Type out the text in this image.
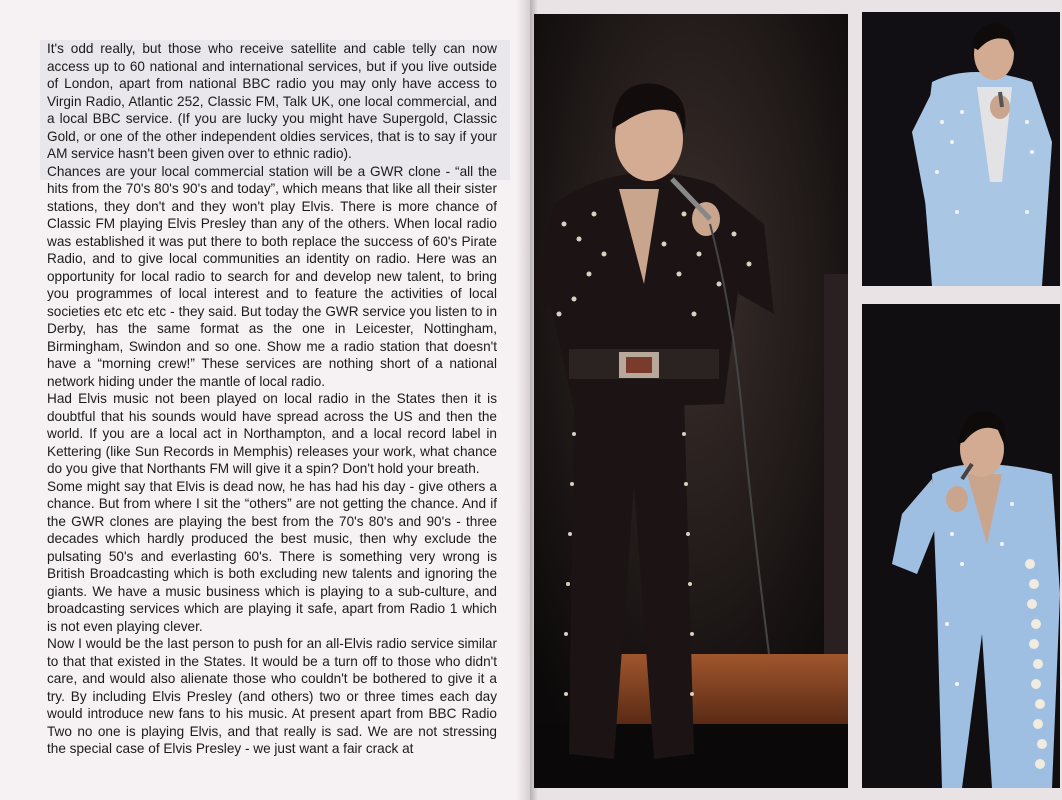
It's odd really, but those who receive satellite and cable telly can now access up to 60 national and international services, but if you live outside of London, apart from national BBC radio you may only have access to Virgin Radio, Atlantic 252, Classic FM, Talk UK, one local commercial, and a local BBC service. (If you are lucky you might have Supergold, Classic Gold, or one of the other independent oldies services, that is to say if your AM service hasn't been given over to ethnic radio).

Chances are your local commercial station will be a GWR clone - “all the hits from the 70's 80's 90's and today”, which means that like all their sister stations, they don't and they won't play Elvis. There is more chance of Classic FM playing Elvis Presley than any of the others. When local radio was established it was put there to both replace the success of 60's Pirate Radio, and to give local communities an identity on radio. Here was an opportunity for local radio to search for and develop new talent, to bring you programmes of local interest and to feature the activities of local societies etc etc etc - they said. But today the GWR service you listen to in Derby, has the same format as the one in Leicester, Nottingham, Birmingham, Swindon and so one. Show me a radio station that doesn't have a “morning crew!” These services are nothing short of a national network hiding under the mantle of local radio.

Had Elvis music not been played on local radio in the States then it is doubtful that his sounds would have spread across the US and then the world. If you are a local act in Northampton, and a local record label in Kettering (like Sun Records in Memphis) releases your work, what chance do you give that Northants FM will give it a spin? Don't hold your breath.

Some might say that Elvis is dead now, he has had his day - give others a chance. But from where I sit the “others” are not getting the chance. And if the GWR clones are playing the best from the 70's 80's and 90's - three decades which hardly produced the best music, then why exclude the pulsating 50's and everlasting 60's. There is something very wrong is British Broadcasting which is both excluding new talents and ignoring the giants. We have a music business which is playing to a sub-culture, and broadcasting services which are playing it safe, apart from Radio 1 which is not even playing clever.

Now I would be the last person to push for an all-Elvis radio service similar to that that existed in the States. It would be a turn off to those who didn't care, and would also alienate those who couldn't be bothered to give it a try. By including Elvis Presley (and others) two or three times each day would introduce new fans to his music. At present apart from BBC Radio Two no one is playing Elvis, and that really is sad. We are not stressing the special case of Elvis Presley - we just want a fair crack at
